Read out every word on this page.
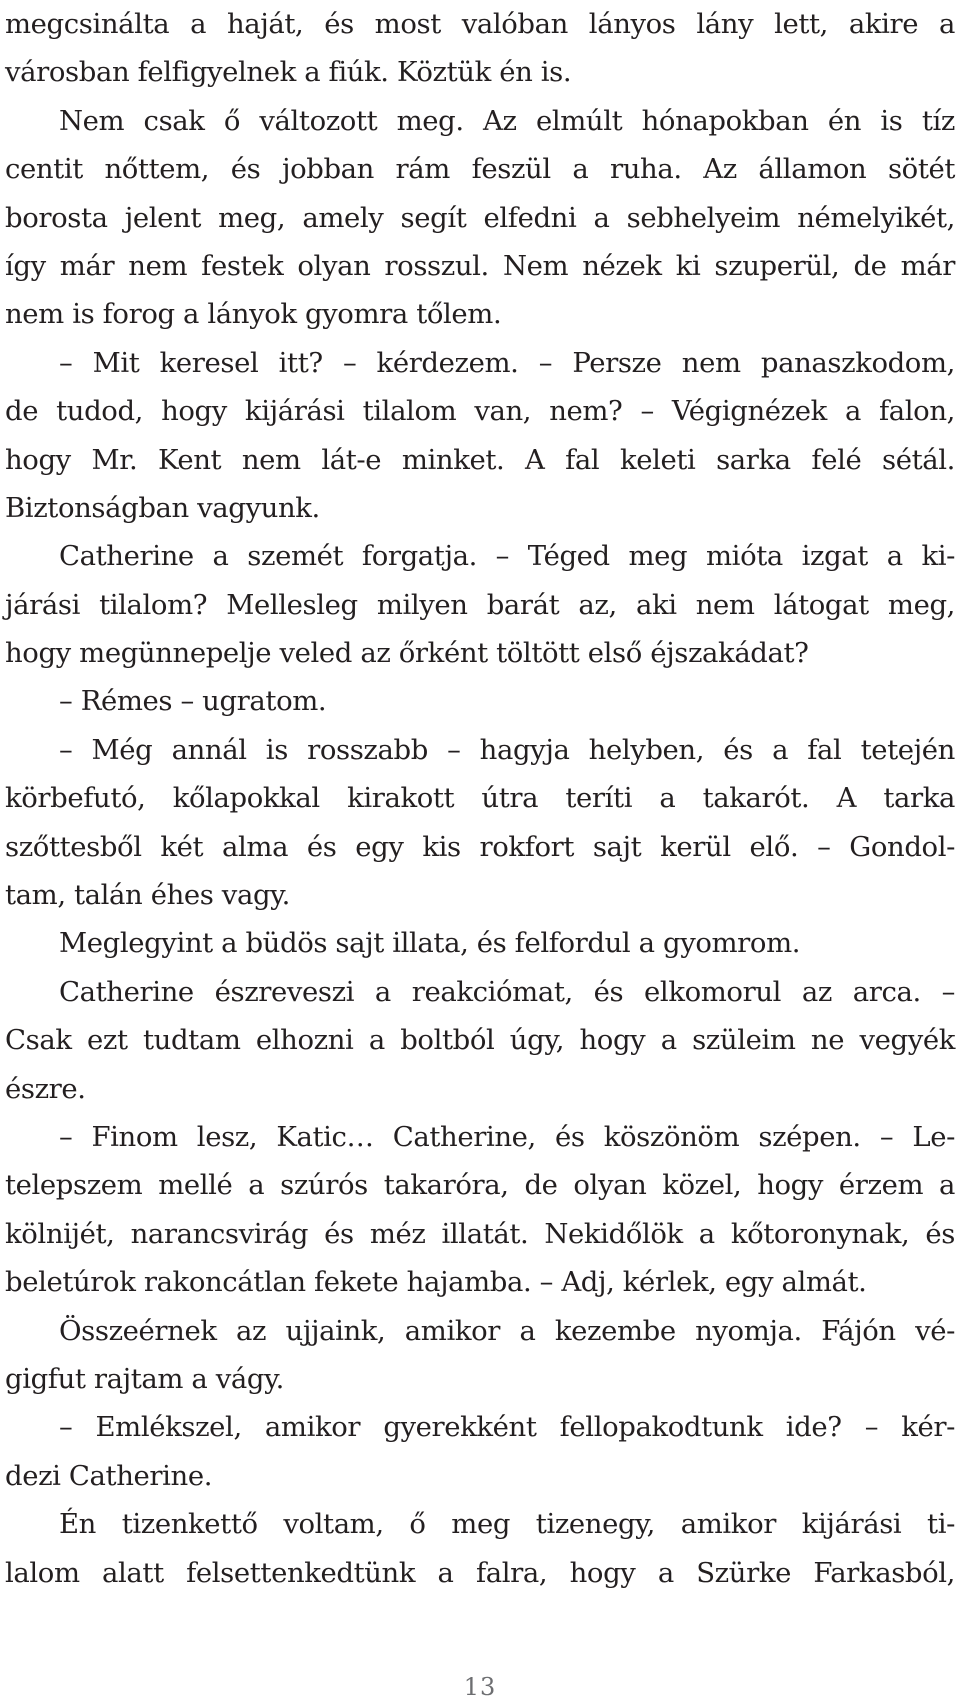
megcsinálta a haját, és most valóban lányos lány lett, akire a
városban felfigyelnek a fiúk. Köztük én is.
Nem csak ő változott meg. Az elmúlt hónapokban én is tíz
centit nőttem, és jobban rám feszül a ruha. Az államon sötét
borosta jelent meg, amely segít elfedni a sebhelyeim némelyikét,
így már nem festek olyan rosszul. Nem nézek ki szuperül, de már
nem is forog a lányok gyomra tőlem.
– Mit keresel itt? – kérdezem. – Persze nem panaszkodom,
de tudod, hogy kijárási tilalom van, nem? – Végignézek a falon,
hogy Mr. Kent nem lát-e minket. A fal keleti sarka felé sétál.
Biztonságban vagyunk.
Catherine a szemét forgatja. – Téged meg mióta izgat a ki-
járási tilalom? Mellesleg milyen barát az, aki nem látogat meg,
hogy megünnepelje veled az őrként töltött első éjszakádat?
– Rémes – ugratom.
– Még annál is rosszabb – hagyja helyben, és a fal tetején
körbefutó, kőlapokkal kirakott útra teríti a takarót. A tarka
szőttesből két alma és egy kis rokfort sajt kerül elő. – Gondol-
tam, talán éhes vagy.
Meglegyint a büdös sajt illata, és felfordul a gyomrom.
Catherine észreveszi a reakciómat, és elkomorul az arca. –
Csak ezt tudtam elhozni a boltból úgy, hogy a szüleim ne vegyék
észre.
– Finom lesz, Katic… Catherine, és köszönöm szépen. – Le-
telepszem mellé a szúrós takaróra, de olyan közel, hogy érzem a
kölnijét, narancsvirág és méz illatát. Nekidőlök a kőtoronynak, és
beletúrok rakoncátlan fekete hajamba. – Adj, kérlek, egy almát.
Összeérnek az ujjaink, amikor a kezembe nyomja. Fájón vé-
gigfut rajtam a vágy.
– Emlékszel, amikor gyerekként fellopakodtunk ide? – kér-
dezi Catherine.
Én tizenkettő voltam, ő meg tizenegy, amikor kijárási ti-
lalom alatt felsettenkedtünk a falra, hogy a Szürke Farkasból,
13
